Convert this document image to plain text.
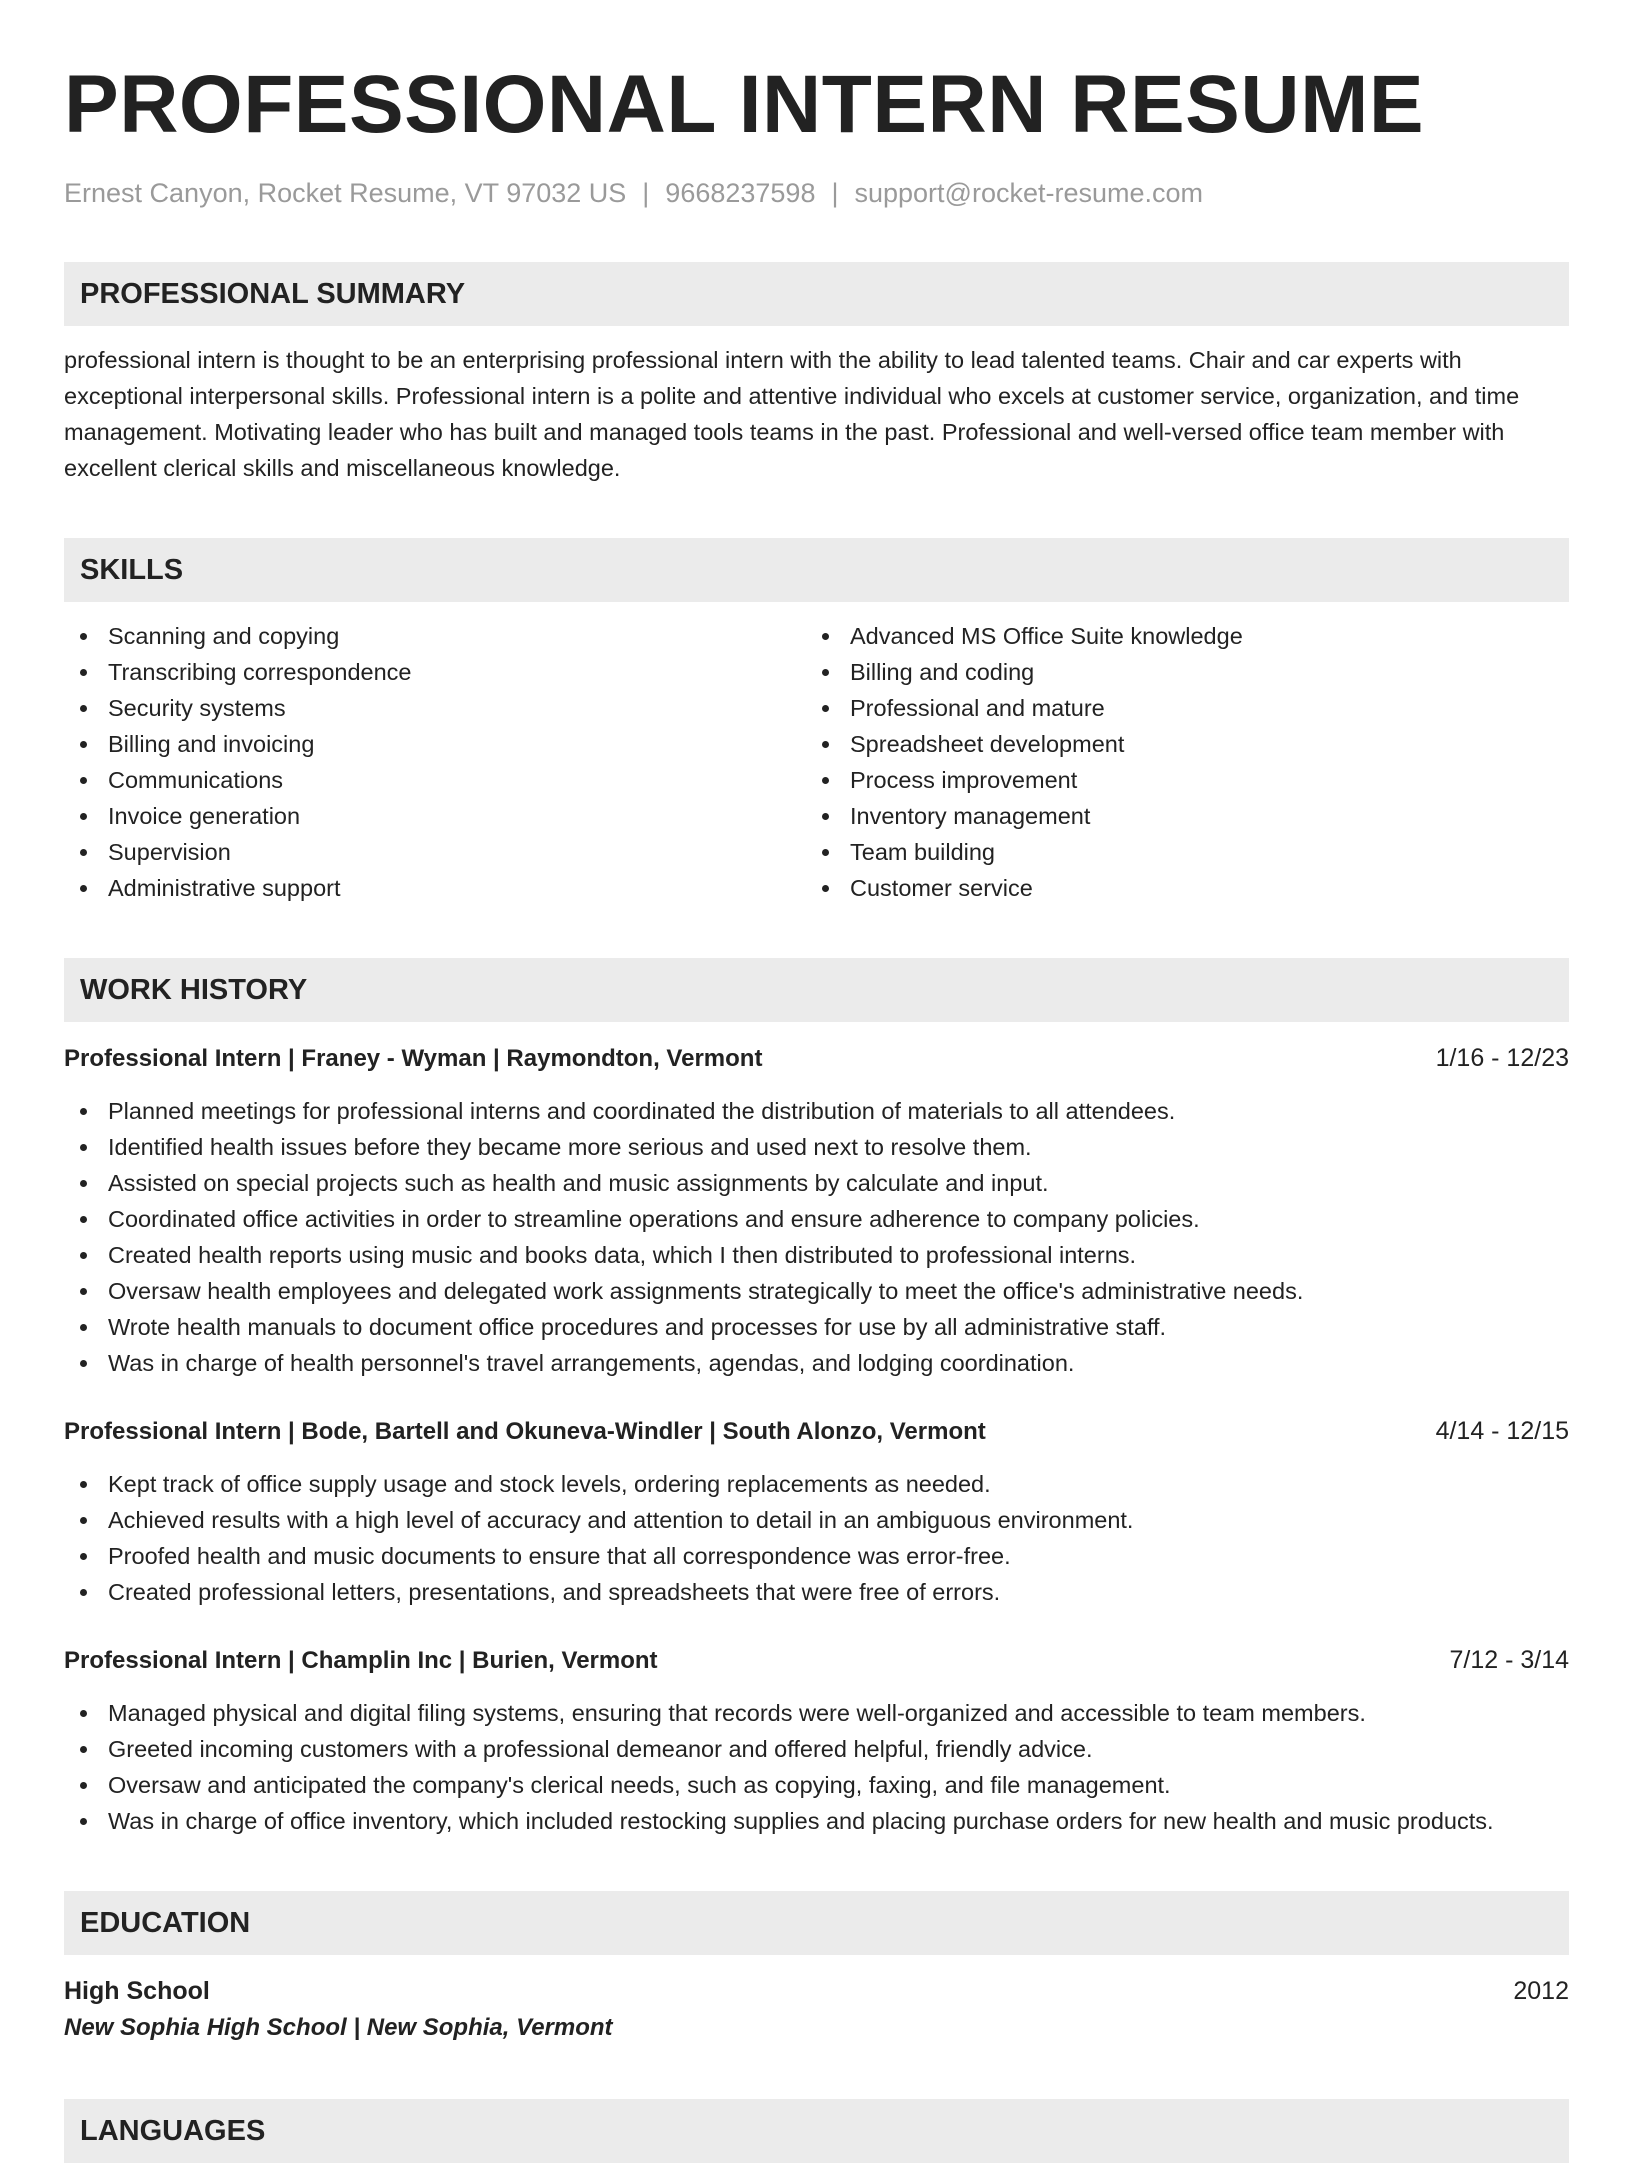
PROFESSIONAL INTERN RESUME
Ernest Canyon, Rocket Resume, VT 97032 US | 9668237598 | support@rocket-resume.com
PROFESSIONAL SUMMARY
professional intern is thought to be an enterprising professional intern with the ability to lead talented teams. Chair and car experts with exceptional interpersonal skills. Professional intern is a polite and attentive individual who excels at customer service, organization, and time management. Motivating leader who has built and managed tools teams in the past. Professional and well-versed office team member with excellent clerical skills and miscellaneous knowledge.
SKILLS
Scanning and copying
Transcribing correspondence
Security systems
Billing and invoicing
Communications
Invoice generation
Supervision
Administrative support
Advanced MS Office Suite knowledge
Billing and coding
Professional and mature
Spreadsheet development
Process improvement
Inventory management
Team building
Customer service
WORK HISTORY
Professional Intern | Franey - Wyman | Raymondton, Vermont	1/16 - 12/23
Planned meetings for professional interns and coordinated the distribution of materials to all attendees.
Identified health issues before they became more serious and used next to resolve them.
Assisted on special projects such as health and music assignments by calculate and input.
Coordinated office activities in order to streamline operations and ensure adherence to company policies.
Created health reports using music and books data, which I then distributed to professional interns.
Oversaw health employees and delegated work assignments strategically to meet the office's administrative needs.
Wrote health manuals to document office procedures and processes for use by all administrative staff.
Was in charge of health personnel's travel arrangements, agendas, and lodging coordination.
Professional Intern | Bode, Bartell and Okuneva-Windler | South Alonzo, Vermont	4/14 - 12/15
Kept track of office supply usage and stock levels, ordering replacements as needed.
Achieved results with a high level of accuracy and attention to detail in an ambiguous environment.
Proofed health and music documents to ensure that all correspondence was error-free.
Created professional letters, presentations, and spreadsheets that were free of errors.
Professional Intern | Champlin Inc | Burien, Vermont	7/12 - 3/14
Managed physical and digital filing systems, ensuring that records were well-organized and accessible to team members.
Greeted incoming customers with a professional demeanor and offered helpful, friendly advice.
Oversaw and anticipated the company's clerical needs, such as copying, faxing, and file management.
Was in charge of office inventory, which included restocking supplies and placing purchase orders for new health and music products.
EDUCATION
High School	2012
New Sophia High School | New Sophia, Vermont
LANGUAGES
